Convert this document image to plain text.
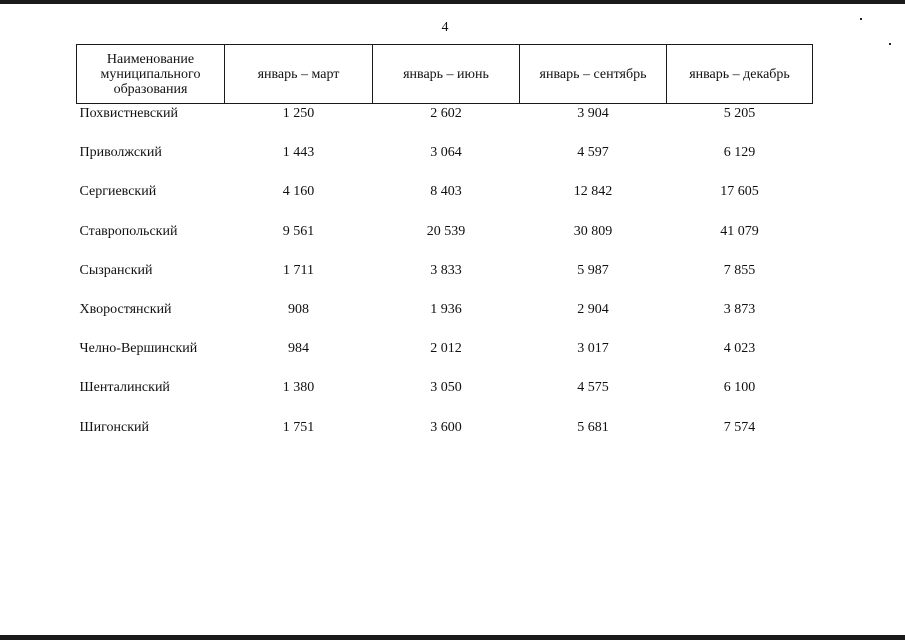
4
Наименование
муниципального
образования	январь – март	январь – июнь	январь – сентябрь	январь – декабрь
Похвистневский	1 250	2 602	3 904	5 205
Приволжский	1 443	3 064	4 597	6 129
Сергиевский	4 160	8 403	12 842	17 605
Ставропольский	9 561	20 539	30 809	41 079
Сызранский	1 711	3 833	5 987	7 855
Хворостянский	908	1 936	2 904	3 873
Челно-Вершинский	984	2 012	3 017	4 023
Шенталинский	1 380	3 050	4 575	6 100
Шигонский	1 751	3 600	5 681	7 574
